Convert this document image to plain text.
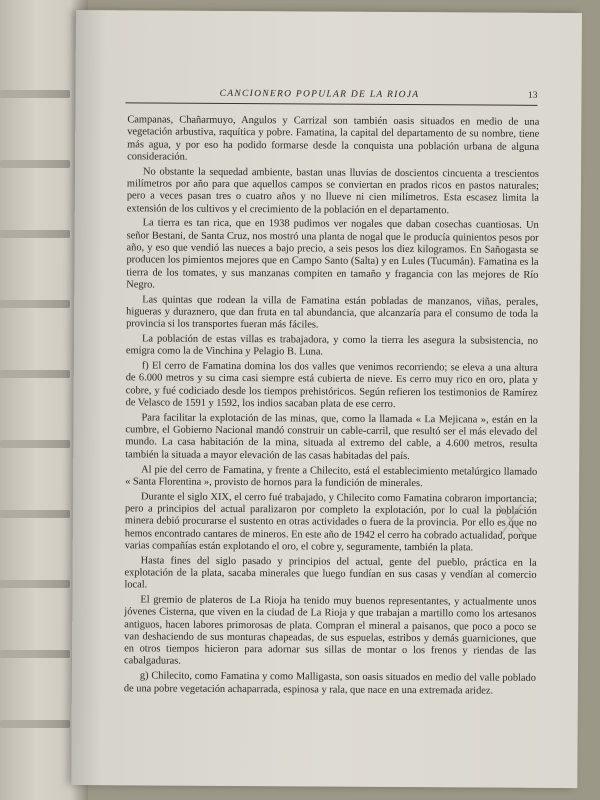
CANCIONERO POPULAR DE LA RIOJA	13

Campanas, Chañarmuyo, Angulos y Carrizal son también oasis situados en medio de una vegetación arbustiva, raquítica y pobre. Famatina, la capital del departamento de su nombre, tiene más agua, y por eso ha podido formarse desde la conquista una población urbana de alguna consideración.

No obstante la sequedad ambiente, bastan unas lluvias de doscientos cincuenta a trescientos milímetros por año para que aquellos campos se conviertan en prados ricos en pastos naturales; pero a veces pasan tres o cuatro años y no llueve ni cien milímetros. Esta escasez limita la extensión de los cultivos y el crecimiento de la población en el departamento.

La tierra es tan rica, que en 1938 pudimos ver nogales que daban cosechas cuantiosas. Un señor Bestani, de Santa Cruz, nos mostró una planta de nogal que le producía quinientos pesos por año, y eso que vendió las nueces a bajo precio, a seis pesos los diez kilogramos. En Sañogasta se producen los pimientos mejores que en Campo Santo (Salta) y en Lules (Tucumán). Famatina es la tierra de los tomates, y sus manzanas compiten en tamaño y fragancia con las mejores de Río Negro.

Las quintas que rodean la villa de Famatina están pobladas de manzanos, viñas, perales, higueras y duraznero, que dan fruta en tal abundancia, que alcanzaría para el consumo de toda la provincia si los transportes fueran más fáciles.

La población de estas villas es trabajadora, y como la tierra les asegura la subsistencia, no emigra como la de Vinchina y Pelagio B. Luna.

f) El cerro de Famatina domina los dos valles que venimos recorriendo; se eleva a una altura de 6.000 metros y su cima casi siempre está cubierta de nieve. Es cerro muy rico en oro, plata y cobre, y fué codiciado desde los tiempos prehistóricos. Según refieren los testimonios de Ramírez de Velasco de 1591 y 1592, los indios sacaban plata de ese cerro.

Para facilitar la explotación de las minas, que, como la llamada « La Mejicana », están en la cumbre, el Gobierno Nacional mandó construir un cable-carril, que resultó ser el más elevado del mundo. La casa habitación de la mina, situada al extremo del cable, a 4.600 metros, resulta también la situada a mayor elevación de las casas habitadas del país.

Al pie del cerro de Famatina, y frente a Chilecito, está el establecimiento metalúrgico llamado « Santa Florentina », provisto de hornos para la fundición de minerales.

Durante el siglo XIX, el cerro fué trabajado, y Chilecito como Famatina cobraron importancia; pero a principios del actual paralizaron por completo la explotación, por lo cual la población minera debió procurarse el sustento en otras actividades o fuera de la provincia. Por ello es que no hemos encontrado cantares de mineros. En este año de 1942 el cerro ha cobrado actualidad, porque varias compañías están explotando el oro, el cobre y, seguramente, también la plata.

Hasta fines del siglo pasado y principios del actual, gente del pueblo, práctica en la explotación de la plata, sacaba minerales que luego fundían en sus casas y vendían al comercio local.

El gremio de plateros de La Rioja ha tenido muy buenos representantes, y actualmente unos jóvenes Cisterna, que viven en la ciudad de La Rioja y que trabajan a martillo como los artesanos antiguos, hacen labores primorosas de plata. Compran el mineral a paisanos, que poco a poco se van deshaciendo de sus monturas chapeadas, de sus espuelas, estribos y demás guarniciones, que en otros tiempos hicieron para adornar sus sillas de montar o los frenos y riendas de las cabalgaduras.

g) Chilecito, como Famatina y como Malligasta, son oasis situados en medio del valle poblado de una pobre vegetación achaparrada, espinosa y rala, que nace en una extremada aridez.
